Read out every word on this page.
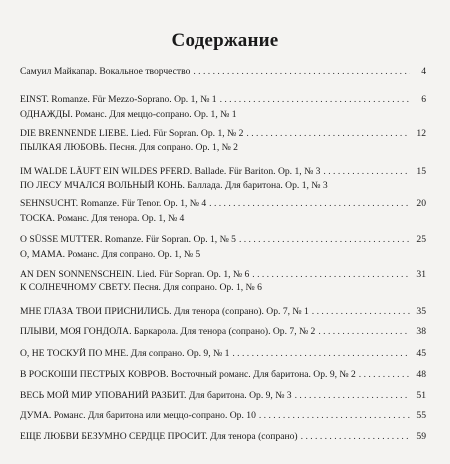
Содержание
Самуил Майкапар. Вокальное творчество . . .	4
EINST. Romanze. Für Mezzo-Soprano. Op. 1, № 1 . . .	6
ОДНАЖДЫ. Романс. Для меццо-сопрано. Ор. 1, № 1
DIE BRENNENDE LIEBE. Lied. Für Sopran. Op. 1, № 2 . . .	12
ПЫЛКАЯ ЛЮБОВЬ. Песня. Для сопрано. Ор. 1, № 2
IM WALDE LÄUFT EIN WILDES PFERD. Ballade. Für Bariton. Op. 1, № 3 . . .	15
ПО ЛЕСУ МЧАЛСЯ ВОЛЬНЫЙ КОНЬ. Баллада. Для баритона. Ор. 1, № 3
SEHNSUCHT. Romanze. Für Tenor. Op. 1, № 4 . . .	20
ТОСКА. Романс. Для тенора. Ор. 1, № 4
O SÜSSE MUTTER. Romanze. Für Sopran. Op. 1, № 5 . . .	25
О, МАМА. Романс. Для сопрано. Ор. 1, № 5
AN DEN SONNENSCHEIN. Lied. Für Sopran. Op. 1, № 6 . . .	31
К СОЛНЕЧНОМУ СВЕТУ. Песня. Для сопрано. Ор. 1, № 6
МНЕ ГЛАЗА ТВОИ ПРИСНИЛИСЬ. Для тенора (сопрано). Ор. 7, № 1 . . .	35
ПЛЫВИ, МОЯ ГОНДОЛА. Баркарола. Для тенора (сопрано). Ор. 7, № 2 . . .	38
О, НЕ ТОСКУЙ ПО МНЕ. Для сопрано. Ор. 9, № 1 . . .	45
В РОСКОШИ ПЕСТРЫХ КОВРОВ. Восточный романс. Для баритона. Ор. 9, № 2 . . .	48
ВЕСЬ МОЙ МИР УПОВАНИЙ РАЗБИТ. Для баритона. Ор. 9, № 3 . . .	51
ДУМА. Романс. Для баритона или меццо-сопрано. Ор. 10 . . .	55
ЕЩЕ ЛЮБВИ БЕЗУМНО СЕРДЦЕ ПРОСИТ. Для тенора (сопрано) . . .	59
